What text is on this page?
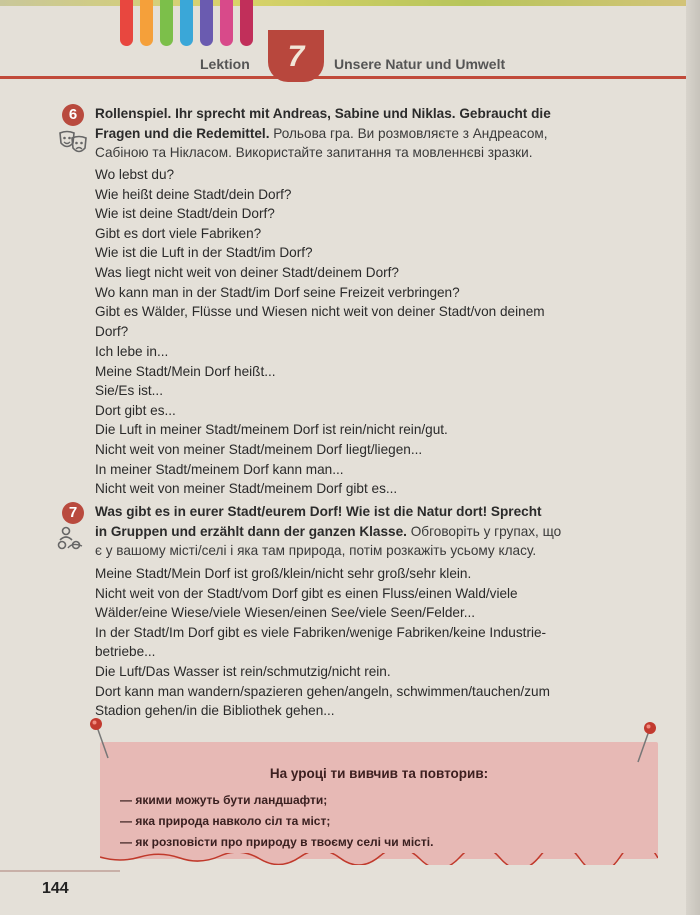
Lektion	7	Unsere Natur und Umwelt
6	Rollenspiel. Ihr sprecht mit Andreas, Sabine und Niklas. Gebraucht die
Fragen und die Redemittel. Рольова гра. Ви розмовляєте з Андреасом,
Сабіною та Нікласом. Використайте запитання та мовленнєві зразки.
Wo lebst du?
Wie heißt deine Stadt/dein Dorf?
Wie ist deine Stadt/dein Dorf?
Gibt es dort viele Fabriken?
Wie ist die Luft in der Stadt/im Dorf?
Was liegt nicht weit von deiner Stadt/deinem Dorf?
Wo kann man in der Stadt/im Dorf seine Freizeit verbringen?
Gibt es Wälder, Flüsse und Wiesen nicht weit von deiner Stadt/von deinem
Dorf?
Ich lebe in...
Meine Stadt/Mein Dorf heißt...
Sie/Es ist...
Dort gibt es...
Die Luft in meiner Stadt/meinem Dorf ist rein/nicht rein/gut.
Nicht weit von meiner Stadt/meinem Dorf liegt/liegen...
In meiner Stadt/meinem Dorf kann man...
Nicht weit von meiner Stadt/meinem Dorf gibt es...
7	Was gibt es in eurer Stadt/eurem Dorf! Wie ist die Natur dort! Sprecht
in Gruppen und erzählt dann der ganzen Klasse. Обговоріть у групах, що
є у вашому місті/селі і яка там природа, потім розкажіть усьому класу.
Meine Stadt/Mein Dorf ist groß/klein/nicht sehr groß/sehr klein.
Nicht weit von der Stadt/vom Dorf gibt es einen Fluss/einen Wald/viele
Wälder/eine Wiese/viele Wiesen/einen See/viele Seen/Felder...
In der Stadt/Im Dorf gibt es viele Fabriken/wenige Fabriken/keine Industrie-
betriebe...
Die Luft/Das Wasser ist rein/schmutzig/nicht rein.
Dort kann man wandern/spazieren gehen/angeln, schwimmen/tauchen/zum
Stadion gehen/in die Bibliothek gehen...
На уроці ти вивчив та повторив:
— якими можуть бути ландшафти;
— яка природа навколо сіл та міст;
— як розповісти про природу в твоєму селі чи місті.
144
